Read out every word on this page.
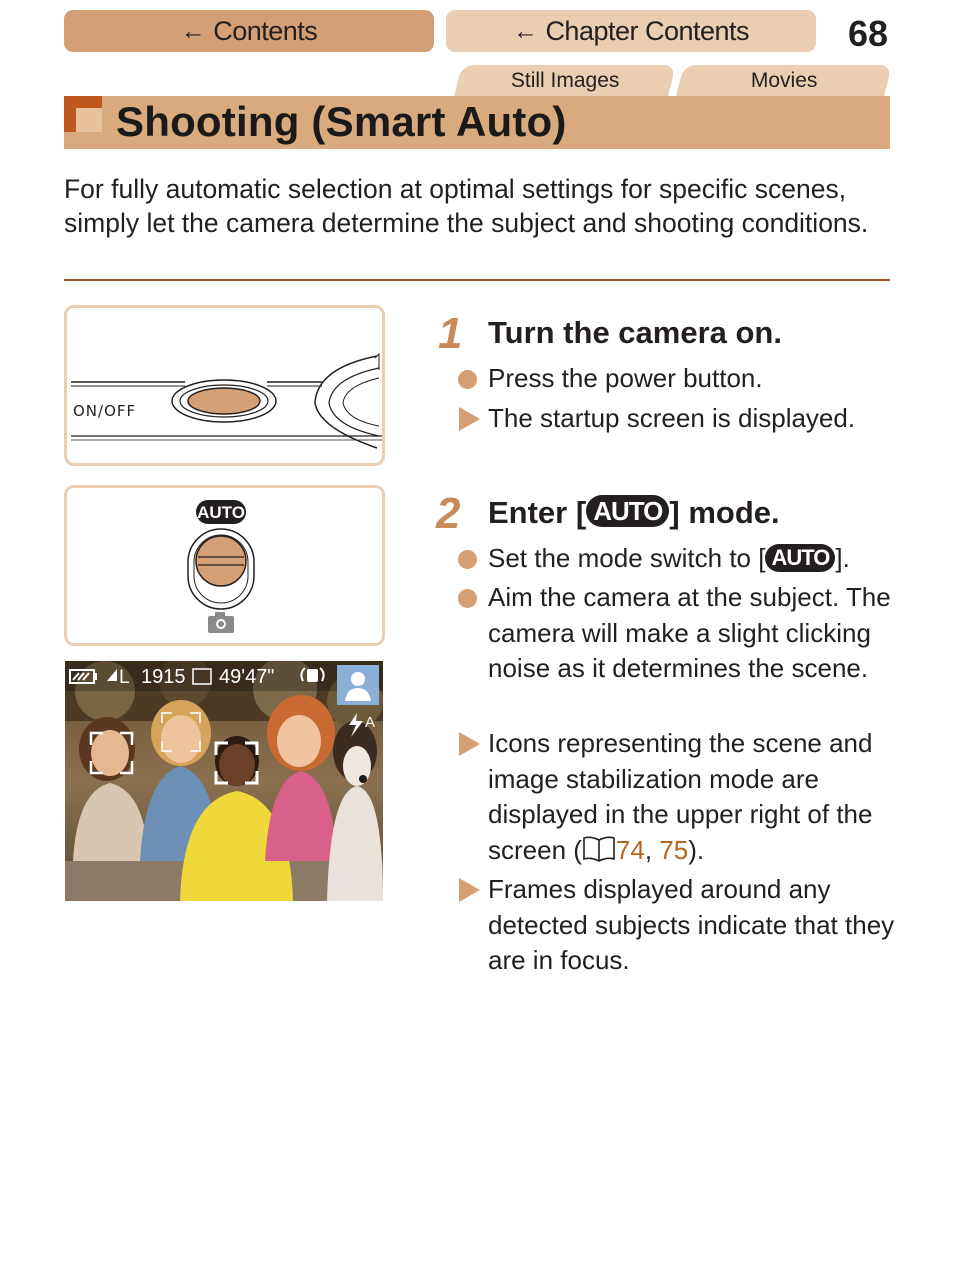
← Contents	← Chapter Contents	68
Still Images	Movies
Shooting (Smart Auto)
For fully automatic selection at optimal settings for specific scenes, simply let the camera determine the subject and shooting conditions.
ON/OFF
AUTO
L 1915 49'47"
A
1 Turn the camera on.
Press the power button.
The startup screen is displayed.
2 Enter [ AUTO ] mode.
Set the mode switch to [ AUTO ].
Aim the camera at the subject. The camera will make a slight clicking noise as it determines the scene.
Icons representing the scene and image stabilization mode are displayed in the upper right of the screen ( 74, 75).
Frames displayed around any detected subjects indicate that they are in focus.
